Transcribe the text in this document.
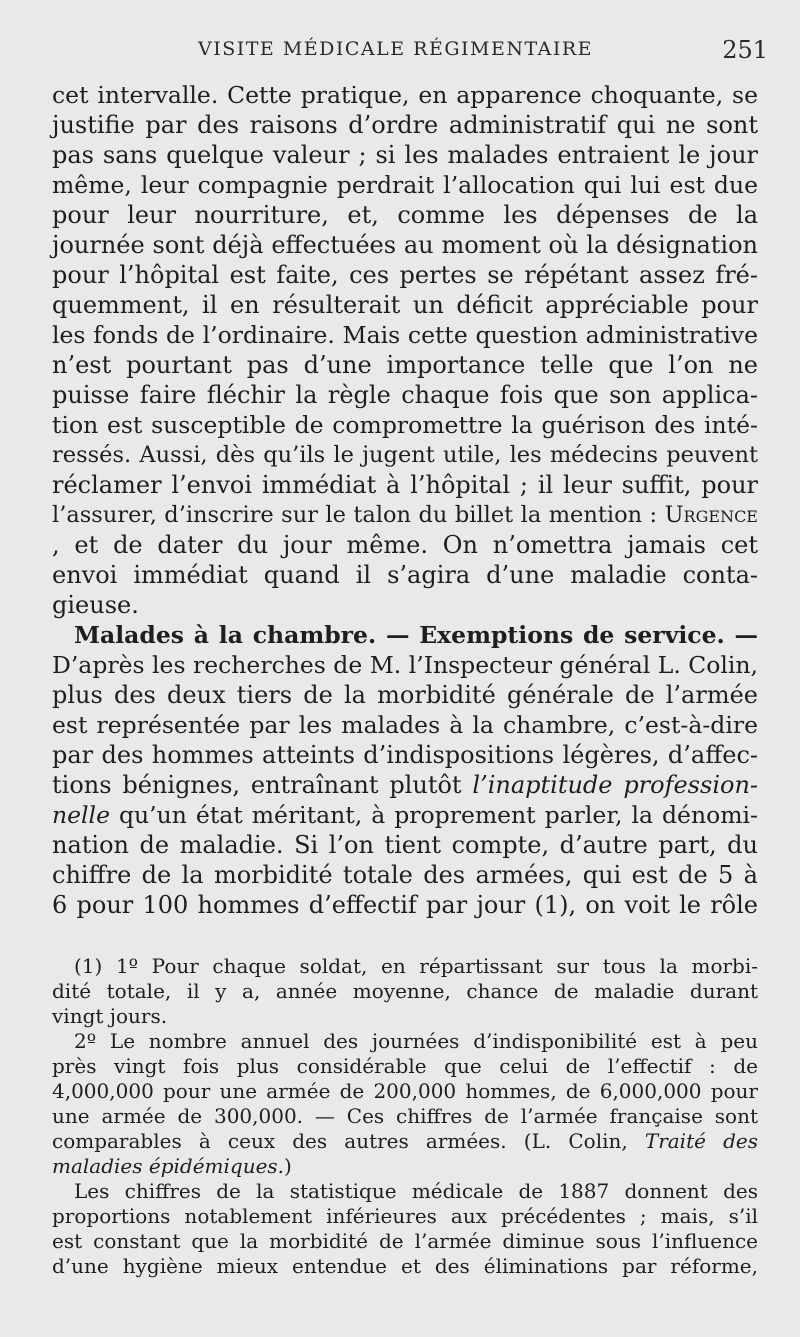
VISITE MÉDICALE RÉGIMENTAIRE	251
cet intervalle. Cette pratique, en apparence choquante, se
justifie par des raisons d’ordre administratif qui ne sont
pas sans quelque valeur ; si les malades entraient le jour
même, leur compagnie perdrait l’allocation qui lui est due
pour leur nourriture, et, comme les dépenses de la
journée sont déjà effectuées au moment où la désignation
pour l’hôpital est faite, ces pertes se répétant assez fré-
quemment, il en résulterait un déficit appréciable pour
les fonds de l’ordinaire. Mais cette question administrative
n’est pourtant pas d’une importance telle que l’on ne
puisse faire fléchir la règle chaque fois que son applica-
tion est susceptible de compromettre la guérison des inté-
ressés. Aussi, dès qu’ils le jugent utile, les médecins peuvent
réclamer l’envoi immédiat à l’hôpital ; il leur suffit, pour
l’assurer, d’inscrire sur le talon du billet la mention : Urgence
, et de dater du jour même. On n’omettra jamais cet
envoi immédiat quand il s’agira d’une maladie conta-
gieuse.
Malades à la chambre. — Exemptions de service. —
D’après les recherches de M. l’Inspecteur général L. Colin,
plus des deux tiers de la morbidité générale de l’armée
est représentée par les malades à la chambre, c’est-à-dire
par des hommes atteints d’indispositions légères, d’affec-
tions bénignes, entraînant plutôt l’inaptitude profession-
nelle qu’un état méritant, à proprement parler, la dénomi-
nation de maladie. Si l’on tient compte, d’autre part, du
chiffre de la morbidité totale des armées, qui est de 5 à
6 pour 100 hommes d’effectif par jour (1), on voit le rôle
(1) 1º Pour chaque soldat, en répartissant sur tous la morbi-
dité totale, il y a, année moyenne, chance de maladie durant
vingt jours.
2º Le nombre annuel des journées d’indisponibilité est à peu
près vingt fois plus considérable que celui de l’effectif : de
4,000,000 pour une armée de 200,000 hommes, de 6,000,000 pour
une armée de 300,000. — Ces chiffres de l’armée française sont
comparables à ceux des autres armées. (L. Colin, Traité des
maladies épidémiques.)
Les chiffres de la statistique médicale de 1887 donnent des
proportions notablement inférieures aux précédentes ; mais, s’il
est constant que la morbidité de l’armée diminue sous l’influence
d’une hygiène mieux entendue et des éliminations par réforme,
